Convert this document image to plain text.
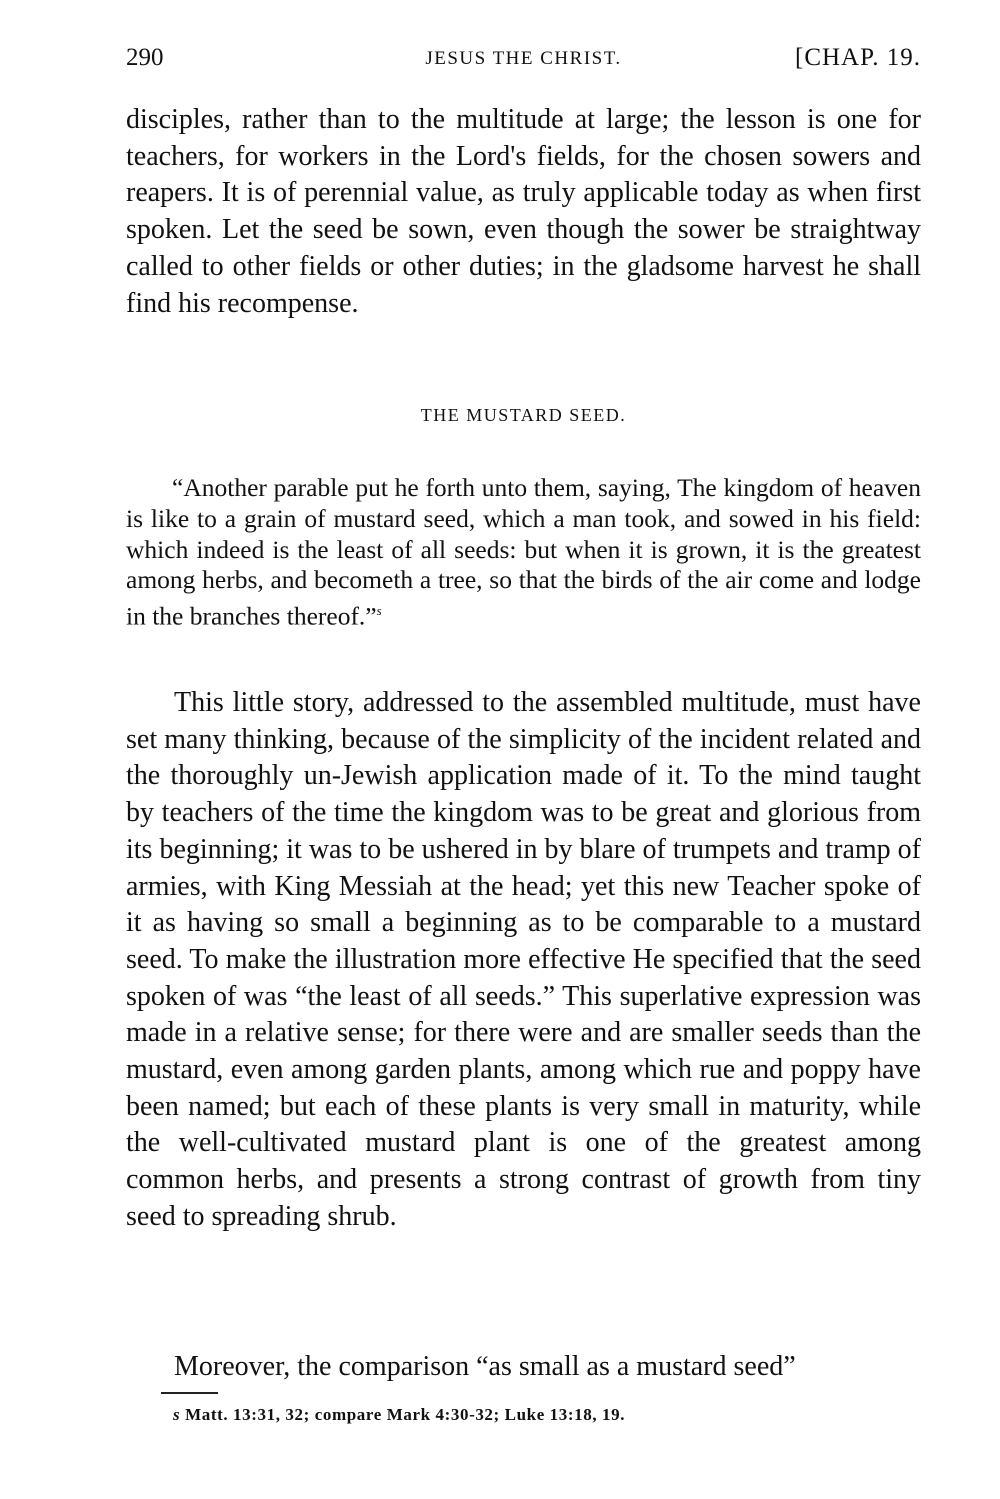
290	JESUS THE CHRIST.	[CHAP. 19.

disciples, rather than to the multitude at large; the lesson is one for teachers, for workers in the Lord's fields, for the chosen sowers and reapers. It is of perennial value, as truly applicable today as when first spoken. Let the seed be sown, even though the sower be straightway called to other fields or other duties; in the gladsome harvest he shall find his recompense.

THE MUSTARD SEED.

“Another parable put he forth unto them, saying, The kingdom of heaven is like to a grain of mustard seed, which a man took, and sowed in his field: which indeed is the least of all seeds: but when it is grown, it is the greatest among herbs, and becometh a tree, so that the birds of the air come and lodge in the branches thereof.”$^s$

This little story, addressed to the assembled multitude, must have set many thinking, because of the simplicity of the incident related and the thoroughly un-Jewish application made of it. To the mind taught by teachers of the time the kingdom was to be great and glorious from its beginning; it was to be ushered in by blare of trumpets and tramp of armies, with King Messiah at the head; yet this new Teacher spoke of it as having so small a beginning as to be comparable to a mustard seed. To make the illustration more effective He specified that the seed spoken of was “the least of all seeds.” This superlative expression was made in a relative sense; for there were and are smaller seeds than the mustard, even among garden plants, among which rue and poppy have been named; but each of these plants is very small in maturity, while the well-cultivated mustard plant is one of the greatest among common herbs, and presents a strong contrast of growth from tiny seed to spreading shrub.

Moreover, the comparison “as small as a mustard seed”

s Matt. 13:31, 32; compare Mark 4:30-32; Luke 13:18, 19.
